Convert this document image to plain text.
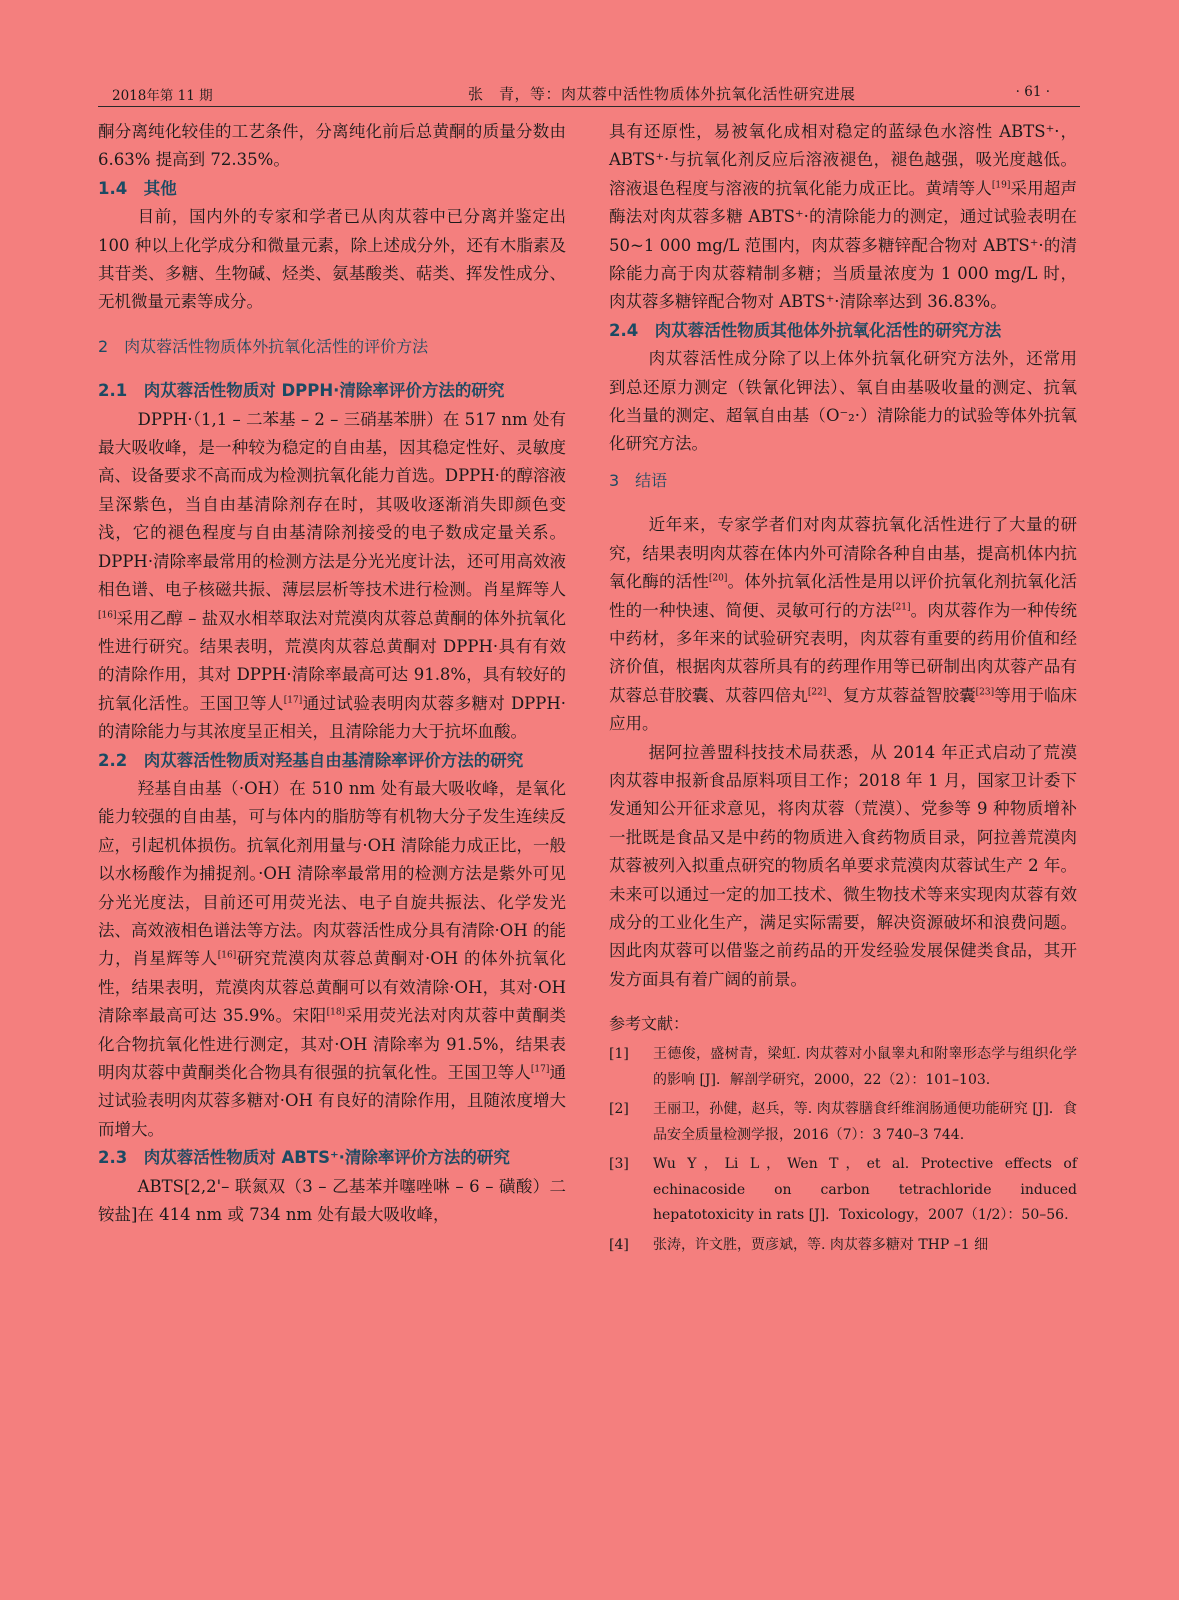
2018年第 11 期	张　青，等：肉苁蓉中活性物质体外抗氧化活性研究进展	· 61 ·

酮分离纯化较佳的工艺条件，分离纯化前后总黄酮的质量分数由 6.63% 提高到 72.35%。

1.4　其他

目前，国内外的专家和学者已从肉苁蓉中已分离并鉴定出 100 种以上化学成分和微量元素，除上述成分外，还有木脂素及其苷类、多糖、生物碱、烃类、氨基酸类、萜类、挥发性成分、无机微量元素等成分。

2　肉苁蓉活性物质体外抗氧化活性的评价方法

2.1　肉苁蓉活性物质对 DPPH·清除率评价方法的研究

DPPH·（1,1 – 二苯基 – 2 – 三硝基苯肼）在 517 nm 处有最大吸收峰，是一种较为稳定的自由基，因其稳定性好、灵敏度高、设备要求不高而成为检测抗氧化能力首选。DPPH·的醇溶液呈深紫色，当自由基清除剂存在时，其吸收逐渐消失即颜色变浅，它的褪色程度与自由基清除剂接受的电子数成定量关系。DPPH·清除率最常用的检测方法是分光光度计法，还可用高效液相色谱、电子核磁共振、薄层层析等技术进行检测。肖星辉等人[16]采用乙醇 – 盐双水相萃取法对荒漠肉苁蓉总黄酮的体外抗氧化性进行研究。结果表明，荒漠肉苁蓉总黄酮对 DPPH·具有有效的清除作用，其对 DPPH·清除率最高可达 91.8%，具有较好的抗氧化活性。王国卫等人[17]通过试验表明肉苁蓉多糖对 DPPH·的清除能力与其浓度呈正相关，且清除能力大于抗坏血酸。

2.2　肉苁蓉活性物质对羟基自由基清除率评价方法的研究

羟基自由基（·OH）在 510 nm 处有最大吸收峰，是氧化能力较强的自由基，可与体内的脂肪等有机物大分子发生连续反应，引起机体损伤。抗氧化剂用量与·OH 清除能力成正比，一般以水杨酸作为捕捉剂。·OH 清除率最常用的检测方法是紫外可见分光光度法，目前还可用荧光法、电子自旋共振法、化学发光法、高效液相色谱法等方法。肉苁蓉活性成分具有清除·OH 的能力，肖星辉等人[16]研究荒漠肉苁蓉总黄酮对·OH 的体外抗氧化性，结果表明，荒漠肉苁蓉总黄酮可以有效清除·OH，其对·OH 清除率最高可达 35.9%。宋阳[18]采用荧光法对肉苁蓉中黄酮类化合物抗氧化性进行测定，其对·OH 清除率为 91.5%，结果表明肉苁蓉中黄酮类化合物具有很强的抗氧化性。王国卫等人[17]通过试验表明肉苁蓉多糖对·OH 有良好的清除作用，且随浓度增大而增大。

2.3　肉苁蓉活性物质对 ABTS⁺·清除率评价方法的研究

ABTS[2,2'– 联氮双（3 – 乙基苯并噻唑啉 – 6 – 磺酸）二铵盐]在 414 nm 或 734 nm 处有最大吸收峰，

具有还原性，易被氧化成相对稳定的蓝绿色水溶性 ABTS⁺·，ABTS⁺·与抗氧化剂反应后溶液褪色，褪色越强，吸光度越低。溶液退色程度与溶液的抗氧化能力成正比。黄靖等人[19]采用超声酶法对肉苁蓉多糖 ABTS⁺·的清除能力的测定，通过试验表明在 50~1 000 mg/L 范围内，肉苁蓉多糖锌配合物对 ABTS⁺·的清除能力高于肉苁蓉精制多糖；当质量浓度为 1 000 mg/L 时，肉苁蓉多糖锌配合物对 ABTS⁺·清除率达到 36.83%。

2.4　肉苁蓉活性物质其他体外抗氧化活性的研究方法

肉苁蓉活性成分除了以上体外抗氧化研究方法外，还常用到总还原力测定（铁氰化钾法）、氧自由基吸收量的测定、抗氧化当量的测定、超氧自由基（O⁻₂·）清除能力的试验等体外抗氧化研究方法。

3　结语

近年来，专家学者们对肉苁蓉抗氧化活性进行了大量的研究，结果表明肉苁蓉在体内外可清除各种自由基，提高机体内抗氧化酶的活性[20]。体外抗氧化活性是用以评价抗氧化剂抗氧化活性的一种快速、简便、灵敏可行的方法[21]。肉苁蓉作为一种传统中药材，多年来的试验研究表明，肉苁蓉有重要的药用价值和经济价值，根据肉苁蓉所具有的药理作用等已研制出肉苁蓉产品有苁蓉总苷胶囊、苁蓉四倍丸[22]、复方苁蓉益智胶囊[23]等用于临床应用。

据阿拉善盟科技技术局获悉，从 2014 年正式启动了荒漠肉苁蓉申报新食品原料项目工作；2018 年 1 月，国家卫计委下发通知公开征求意见，将肉苁蓉（荒漠）、党参等 9 种物质增补一批既是食品又是中药的物质进入食药物质目录，阿拉善荒漠肉苁蓉被列入拟重点研究的物质名单要求荒漠肉苁蓉试生产 2 年。未来可以通过一定的加工技术、微生物技术等来实现肉苁蓉有效成分的工业化生产，满足实际需要，解决资源破坏和浪费问题。因此肉苁蓉可以借鉴之前药品的开发经验发展保健类食品，其开发方面具有着广阔的前景。

参考文献：

[1]	王德俊，盛树青，梁虹. 肉苁蓉对小鼠睾丸和附睾形态学与组织化学的影响 [J]．解剖学研究，2000，22（2）：101–103.
[2]	王丽卫，孙健，赵兵，等. 肉苁蓉膳食纤维润肠通便功能研究 [J]．食品安全质量检测学报，2016（7）：3 740–3 744.
[3]	Wu Y，Li L，Wen T，et al. Protective effects of echinacoside on carbon tetrachloride induced hepatotoxicity in rats [J]．Toxicology，2007（1/2）：50–56.
[4]	张涛，许文胜，贾彦斌，等. 肉苁蓉多糖对 THP –1 细
